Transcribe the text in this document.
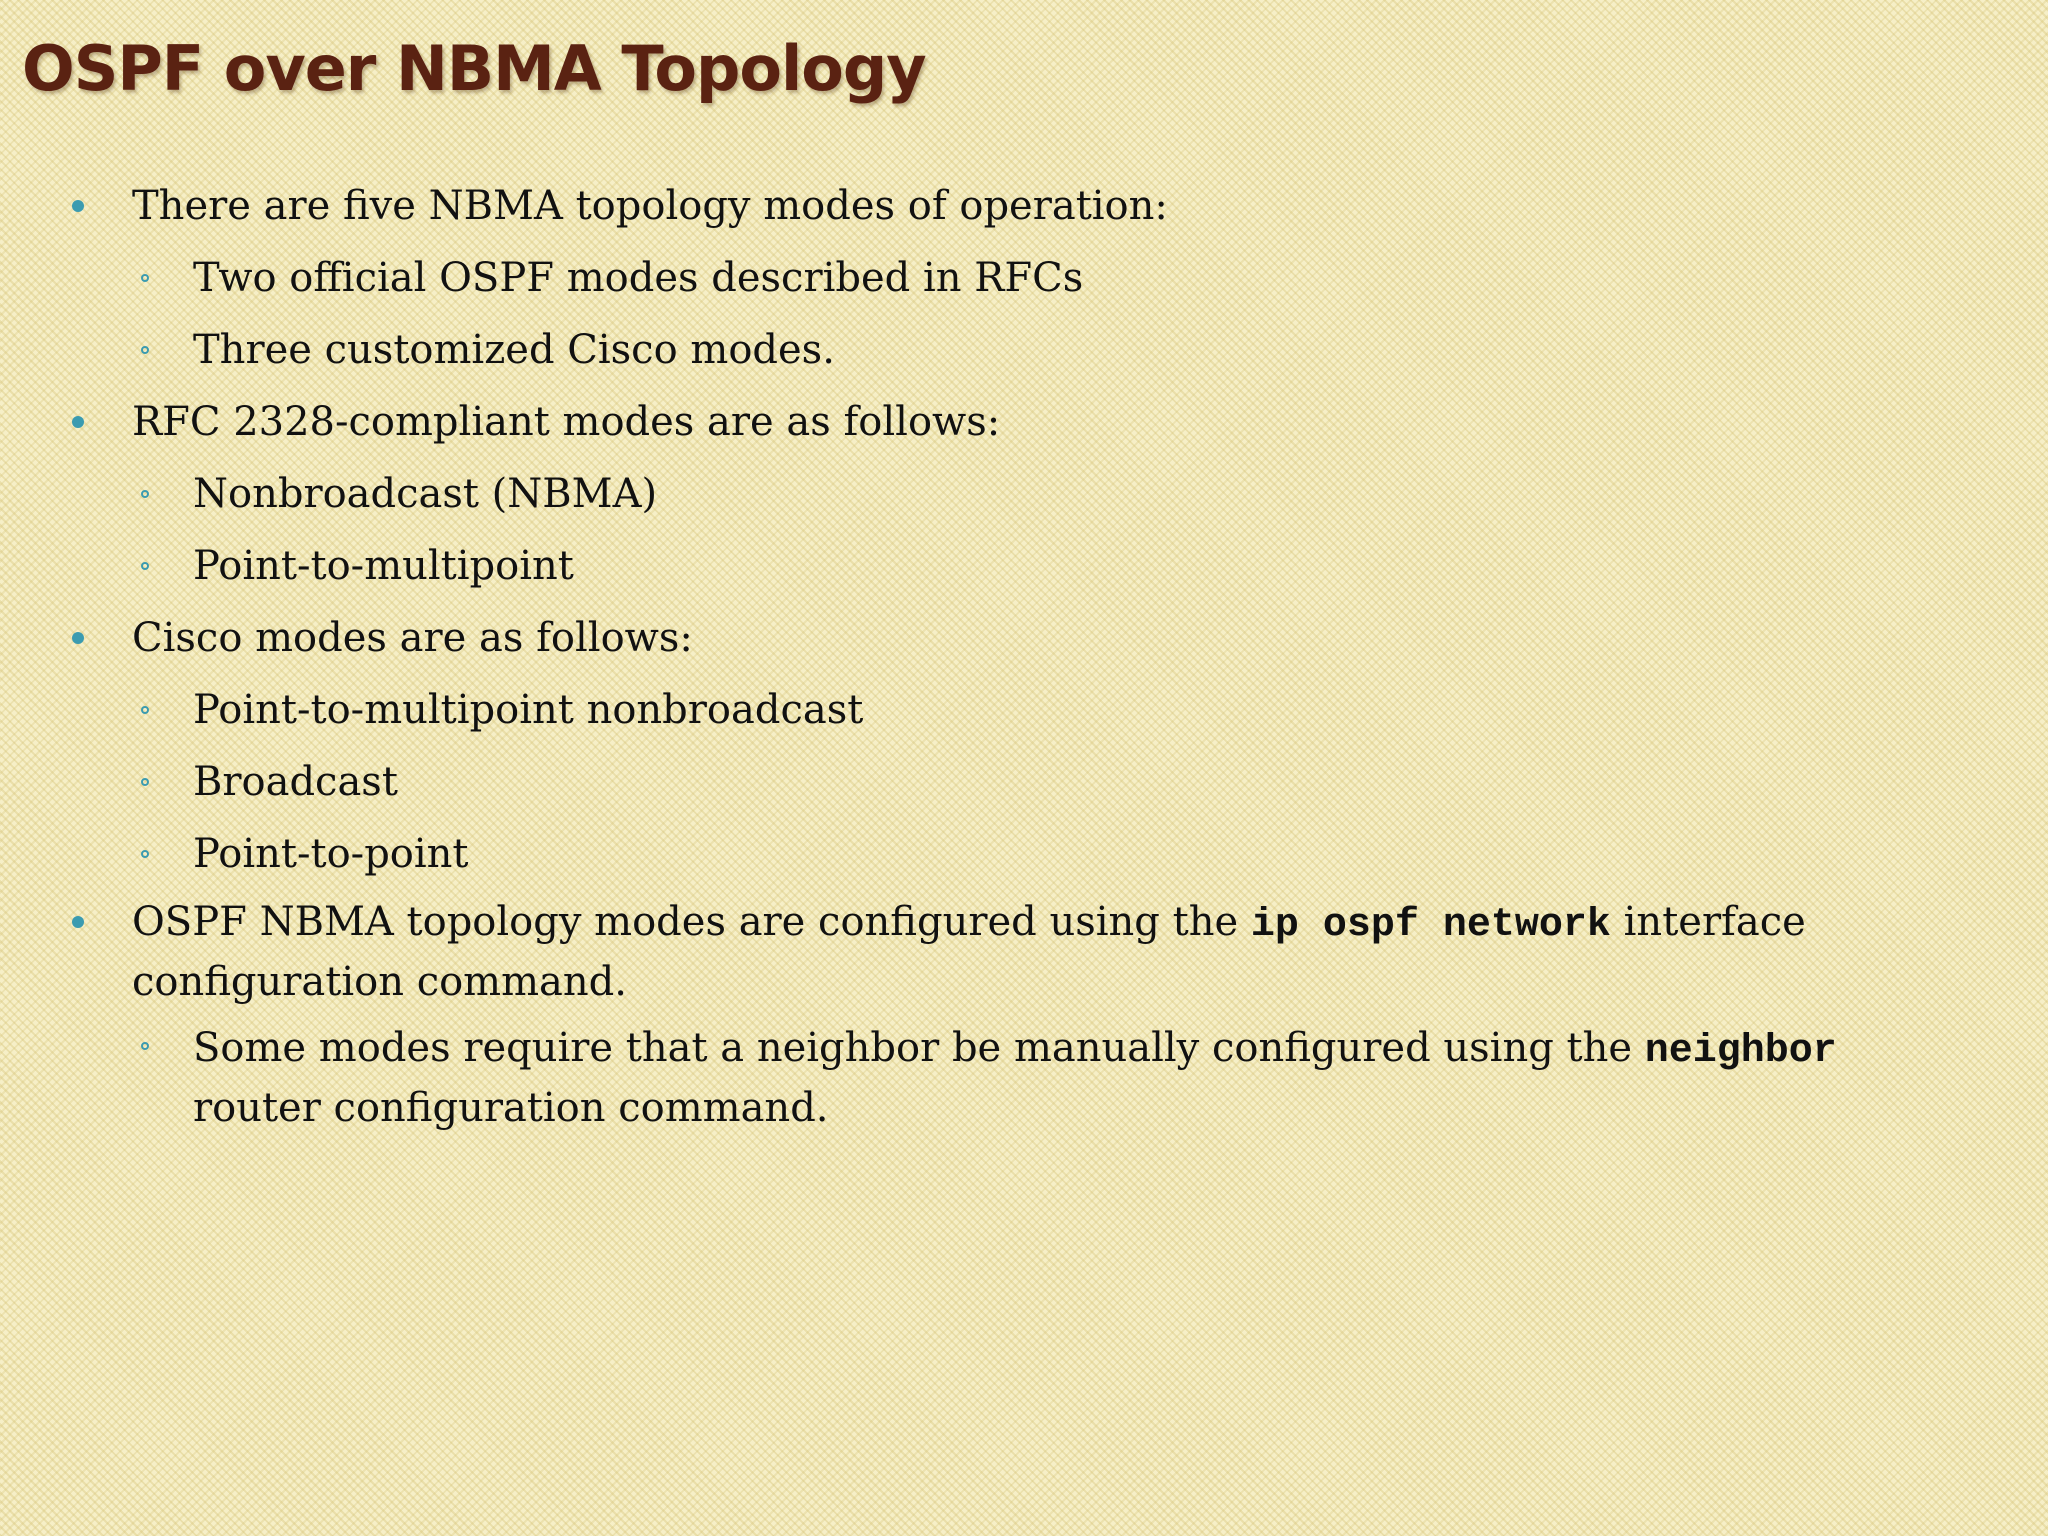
OSPF over NBMA Topology
There are five NBMA topology modes of operation:
Two official OSPF modes described in RFCs
Three customized Cisco modes.
RFC 2328-compliant modes are as follows:
Nonbroadcast (NBMA)
Point-to-multipoint
Cisco modes are as follows:
Point-to-multipoint nonbroadcast
Broadcast
Point-to-point
OSPF NBMA topology modes are configured using the ip ospf network interface configuration command.
Some modes require that a neighbor be manually configured using the neighbor router configuration command.
